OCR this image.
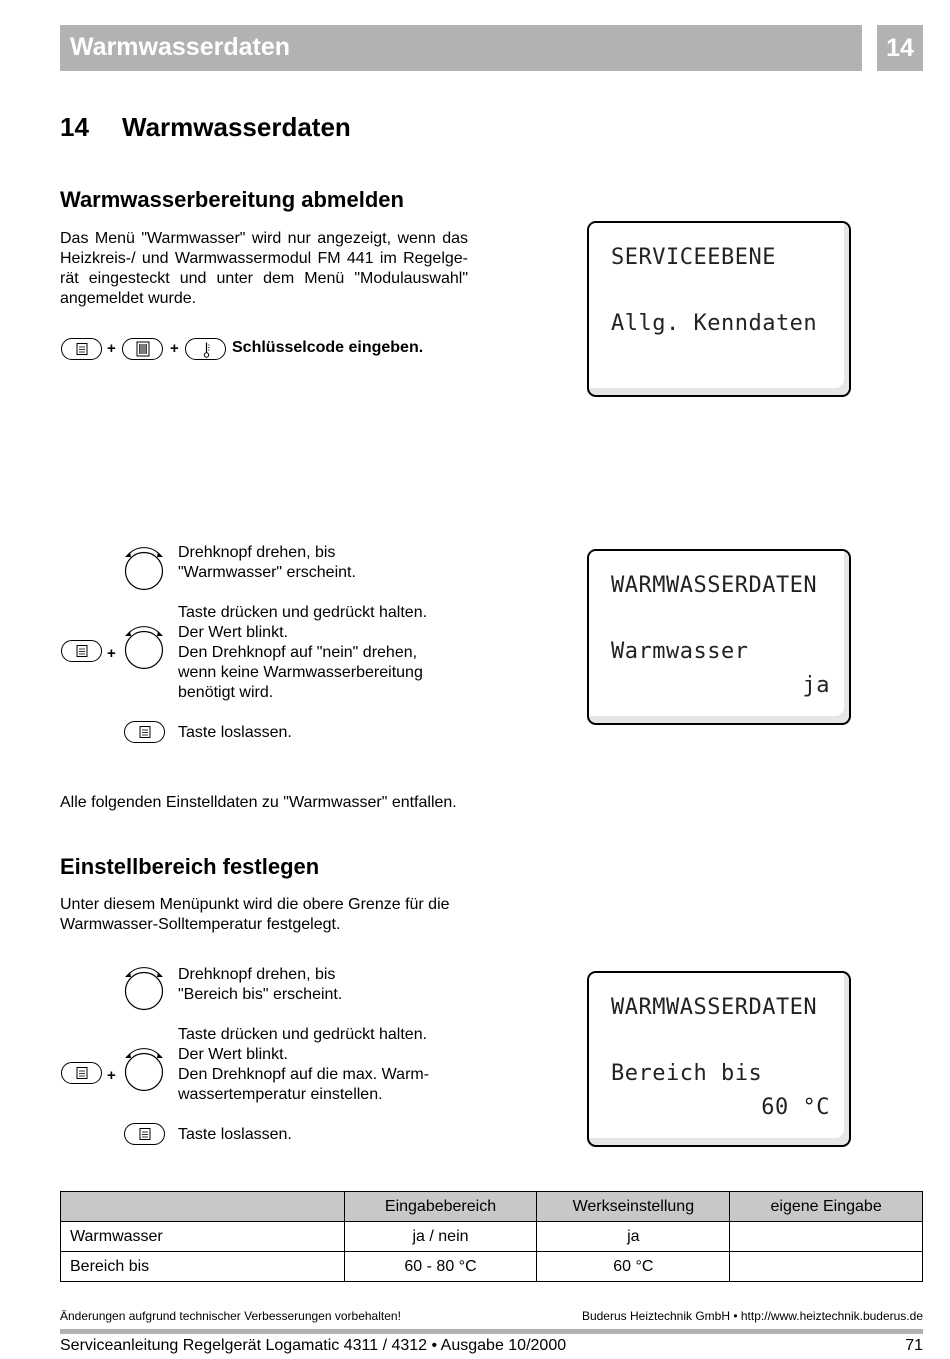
Warmwasserdaten	14
14 Warmwasserdaten
Warmwasserbereitung abmelden
Das Menü "Warmwasser" wird nur angezeigt, wenn das
Heizkreis-/ und Warmwassermodul FM 441 im Regelge-
rät eingesteckt und unter dem Menü "Modulauswahl"
angemeldet wurde.
+	+	Schlüsselcode eingeben.
SERVICEEBENE
Allg. Kenndaten
Drehknopf drehen, bis
"Warmwasser" erscheint.
+
Taste drücken und gedrückt halten.
Der Wert blinkt.
Den Drehknopf auf "nein" drehen,
wenn keine Warmwasserbereitung
benötigt wird.
Taste loslassen.
WARMWASSERDATEN
Warmwasser
ja
Alle folgenden Einstelldaten zu "Warmwasser" entfallen.
Einstellbereich festlegen
Unter diesem Menüpunkt wird die obere Grenze für die
Warmwasser-Solltemperatur festgelegt.
Drehknopf drehen, bis
"Bereich bis" erscheint.
+
Taste drücken und gedrückt halten.
Der Wert blinkt.
Den Drehknopf auf die max. Warm-
wassertemperatur einstellen.
Taste loslassen.
WARMWASSERDATEN
Bereich bis
60 °C
	Eingabebereich	Werkseinstellung	eigene Eingabe
Warmwasser	ja / nein	ja	
Bereich bis	60 - 80 °C	60 °C	
Änderungen aufgrund technischer Verbesserungen vorbehalten!	Buderus Heiztechnik GmbH • http://www.heiztechnik.buderus.de
Serviceanleitung Regelgerät Logamatic 4311 / 4312 • Ausgabe 10/2000	71
